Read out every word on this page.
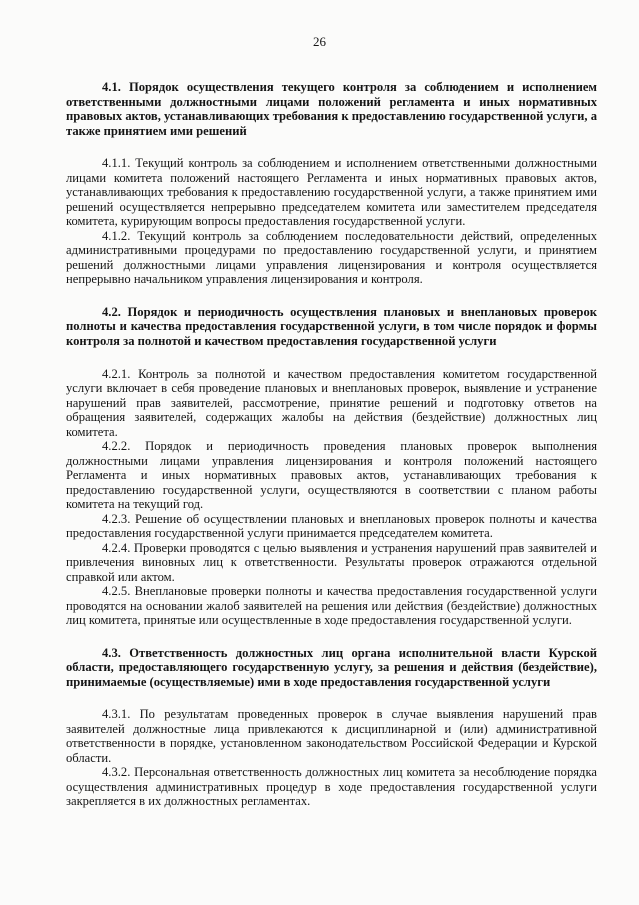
26

4.1. Порядок осуществления текущего контроля за соблюдением и исполнением ответственными должностными лицами положений регламента и иных нормативных правовых актов, устанавливающих требования к предоставлению государственной услуги, а также принятием ими решений

4.1.1. Текущий контроль за соблюдением и исполнением ответственными должностными лицами комитета положений настоящего Регламента и иных нормативных правовых актов, устанавливающих требования к предоставлению государственной услуги, а также принятием ими решений осуществляется непрерывно председателем комитета или заместителем председателя комитета, курирующим вопросы предоставления государственной услуги.

4.1.2. Текущий контроль за соблюдением последовательности действий, определенных административными процедурами по предоставлению государственной услуги, и принятием решений должностными лицами управления лицензирования и контроля осуществляется непрерывно начальником управления лицензирования и контроля.

4.2. Порядок и периодичность осуществления плановых и внеплановых проверок полноты и качества предоставления государственной услуги, в том числе порядок и формы контроля за полнотой и качеством предоставления государственной услуги

4.2.1. Контроль за полнотой и качеством предоставления комитетом государственной услуги включает в себя проведение плановых и внеплановых проверок, выявление и устранение нарушений прав заявителей, рассмотрение, принятие решений и подготовку ответов на обращения заявителей, содержащих жалобы на действия (бездействие) должностных лиц комитета.

4.2.2. Порядок и периодичность проведения плановых проверок выполнения должностными лицами управления лицензирования и контроля положений настоящего Регламента и иных нормативных правовых актов, устанавливающих требования к предоставлению государственной услуги, осуществляются в соответствии с планом работы комитета на текущий год.

4.2.3. Решение об осуществлении плановых и внеплановых проверок полноты и качества предоставления государственной услуги принимается председателем комитета.

4.2.4. Проверки проводятся с целью выявления и устранения нарушений прав заявителей и привлечения виновных лиц к ответственности. Результаты проверок отражаются отдельной справкой или актом.

4.2.5. Внеплановые проверки полноты и качества предоставления государственной услуги проводятся на основании жалоб заявителей на решения или действия (бездействие) должностных лиц комитета, принятые или осуществленные в ходе предоставления государственной услуги.

4.3. Ответственность должностных лиц органа исполнительной власти Курской области, предоставляющего государственную услугу, за решения и действия (бездействие), принимаемые (осуществляемые) ими в ходе предоставления государственной услуги

4.3.1. По результатам проведенных проверок в случае выявления нарушений прав заявителей должностные лица привлекаются к дисциплинарной и (или) административной ответственности в порядке, установленном законодательством Российской Федерации и Курской области.

4.3.2. Персональная ответственность должностных лиц комитета за несоблюдение порядка осуществления административных процедур в ходе предоставления государственной услуги закрепляется в их должностных регламентах.
